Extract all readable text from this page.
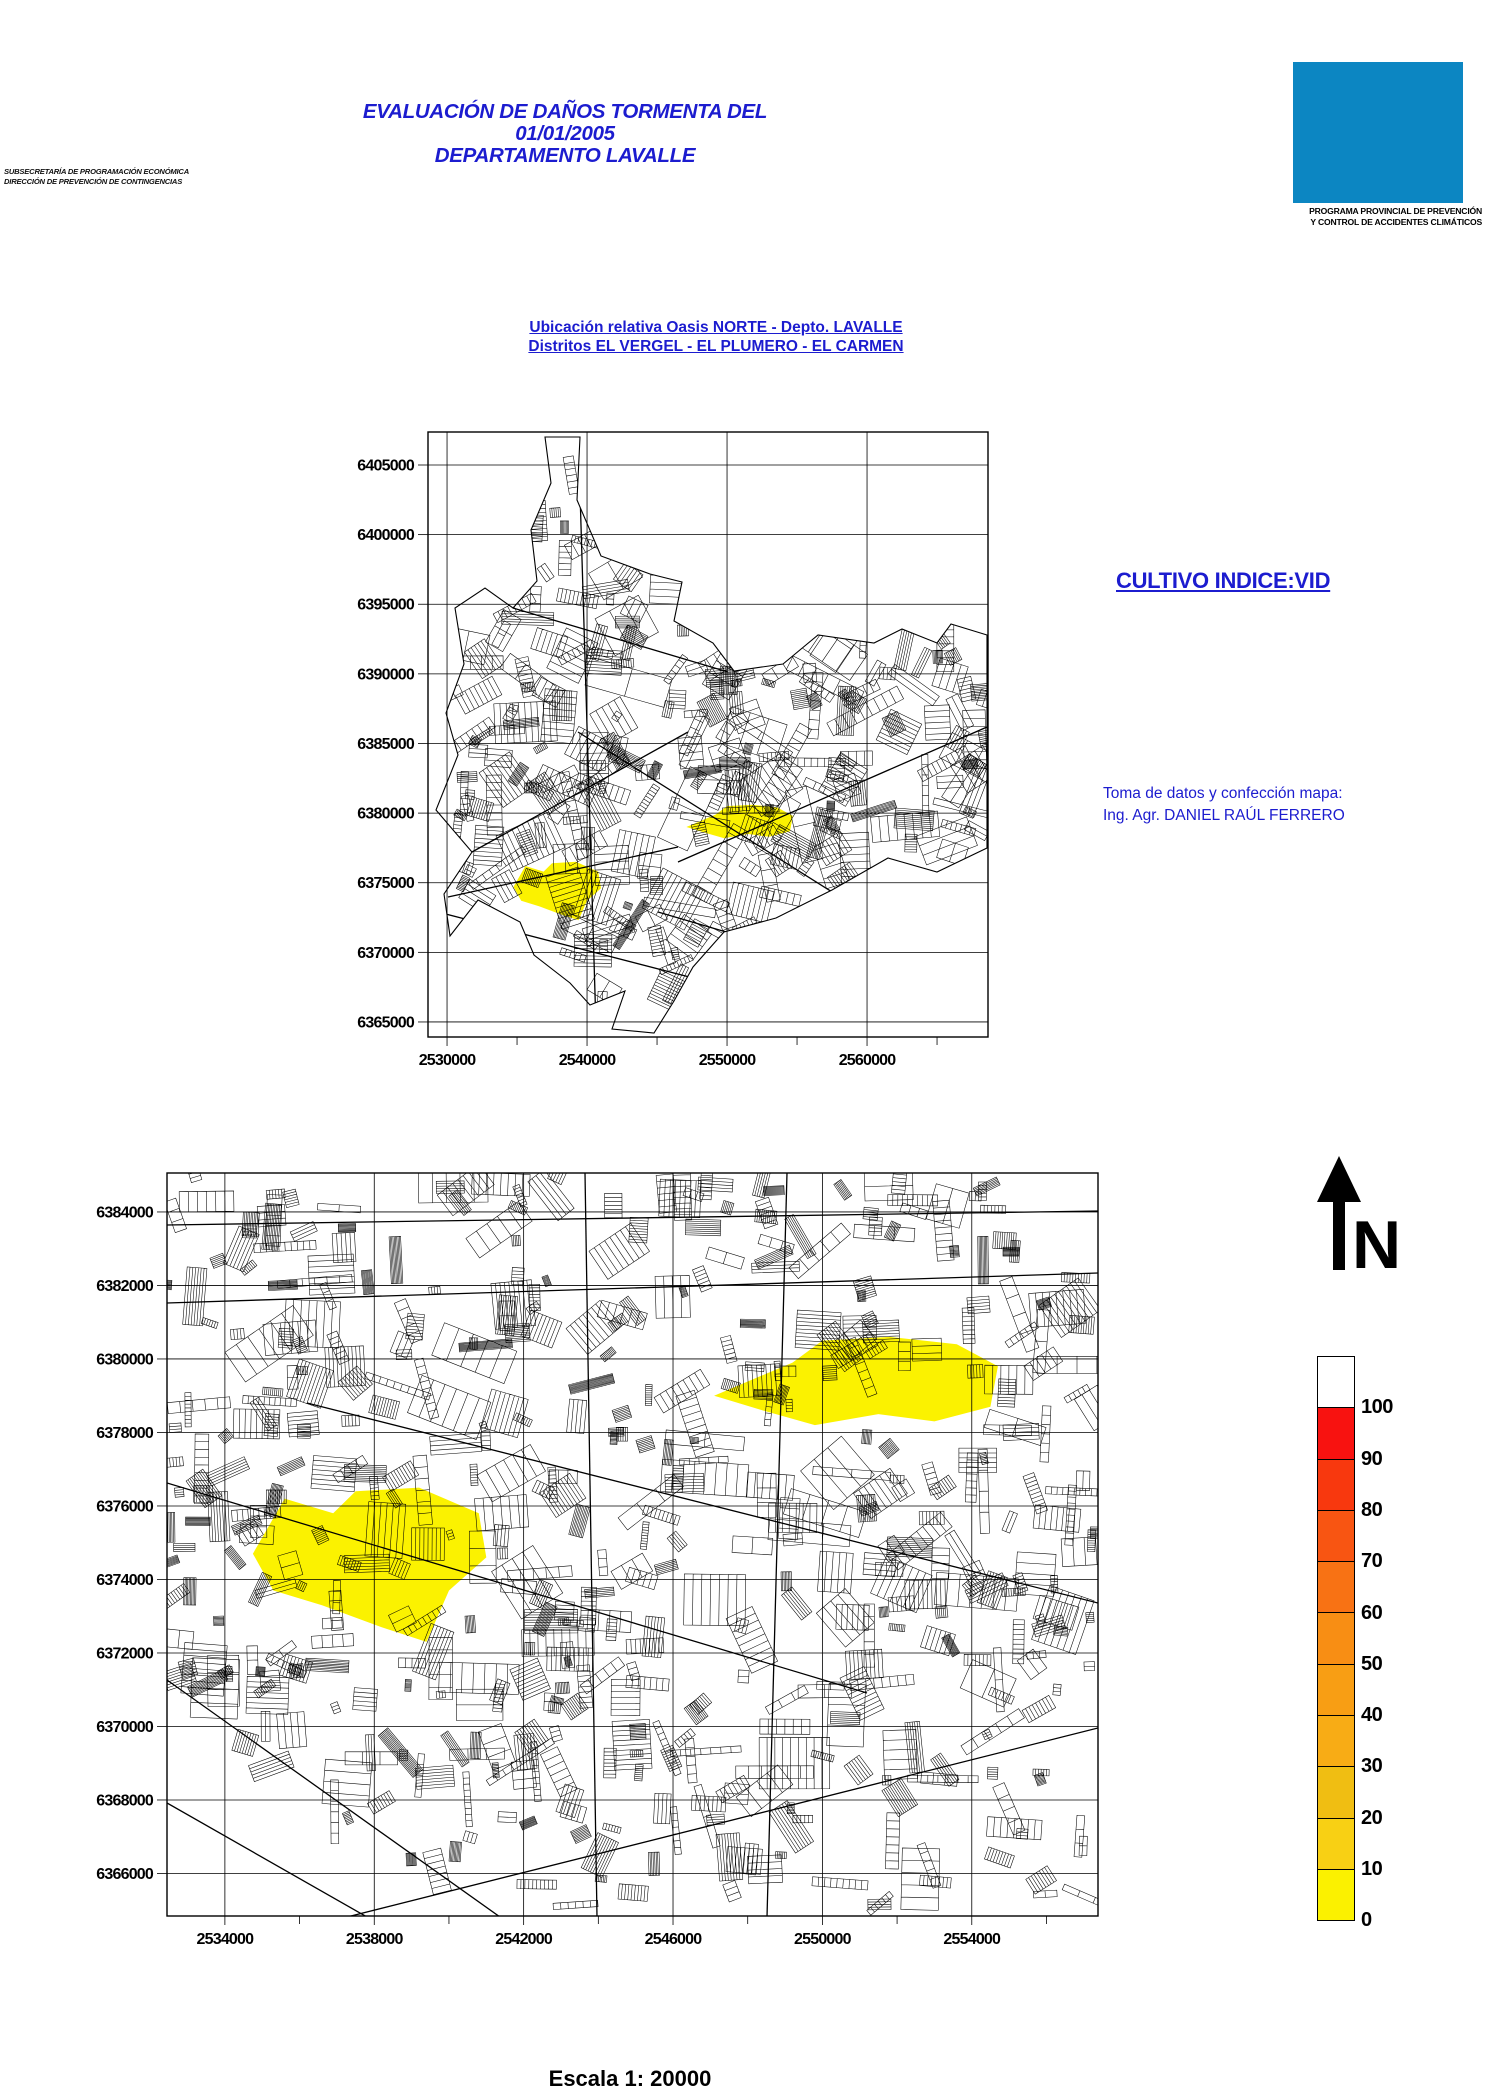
SUBSECRETARÍA DE PROGRAMACIÓN ECONÓMICA
DIRECCIÓN DE PREVENCIÓN DE CONTINGENCIAS
EVALUACIÓN DE DAÑOS TORMENTA DEL 01/01/2005
DEPARTAMENTO LAVALLE
PROGRAMA PROVINCIAL DE PREVENCIÓN
Y CONTROL DE ACCIDENTES CLIMÁTICOS
Ubicación relativa Oasis NORTE - Depto. LAVALLE
Distritos EL VERGEL - EL PLUMERO - EL CARMEN
2530000	2540000	2550000	2560000
6405000
6400000
6395000
6390000
6385000
6380000
6375000
6370000
6365000
CULTIVO INDICE:VID
Toma de datos y confección mapa:
Ing. Agr. DANIEL RAÚL FERRERO
2534000	2538000	2542000	2546000	2550000	2554000
6384000
6382000
6380000
6378000
6376000
6374000
6372000
6370000
6368000
6366000
N
100
90
80
70
60
50
40
30
20
10
0
Escala 1: 20000
